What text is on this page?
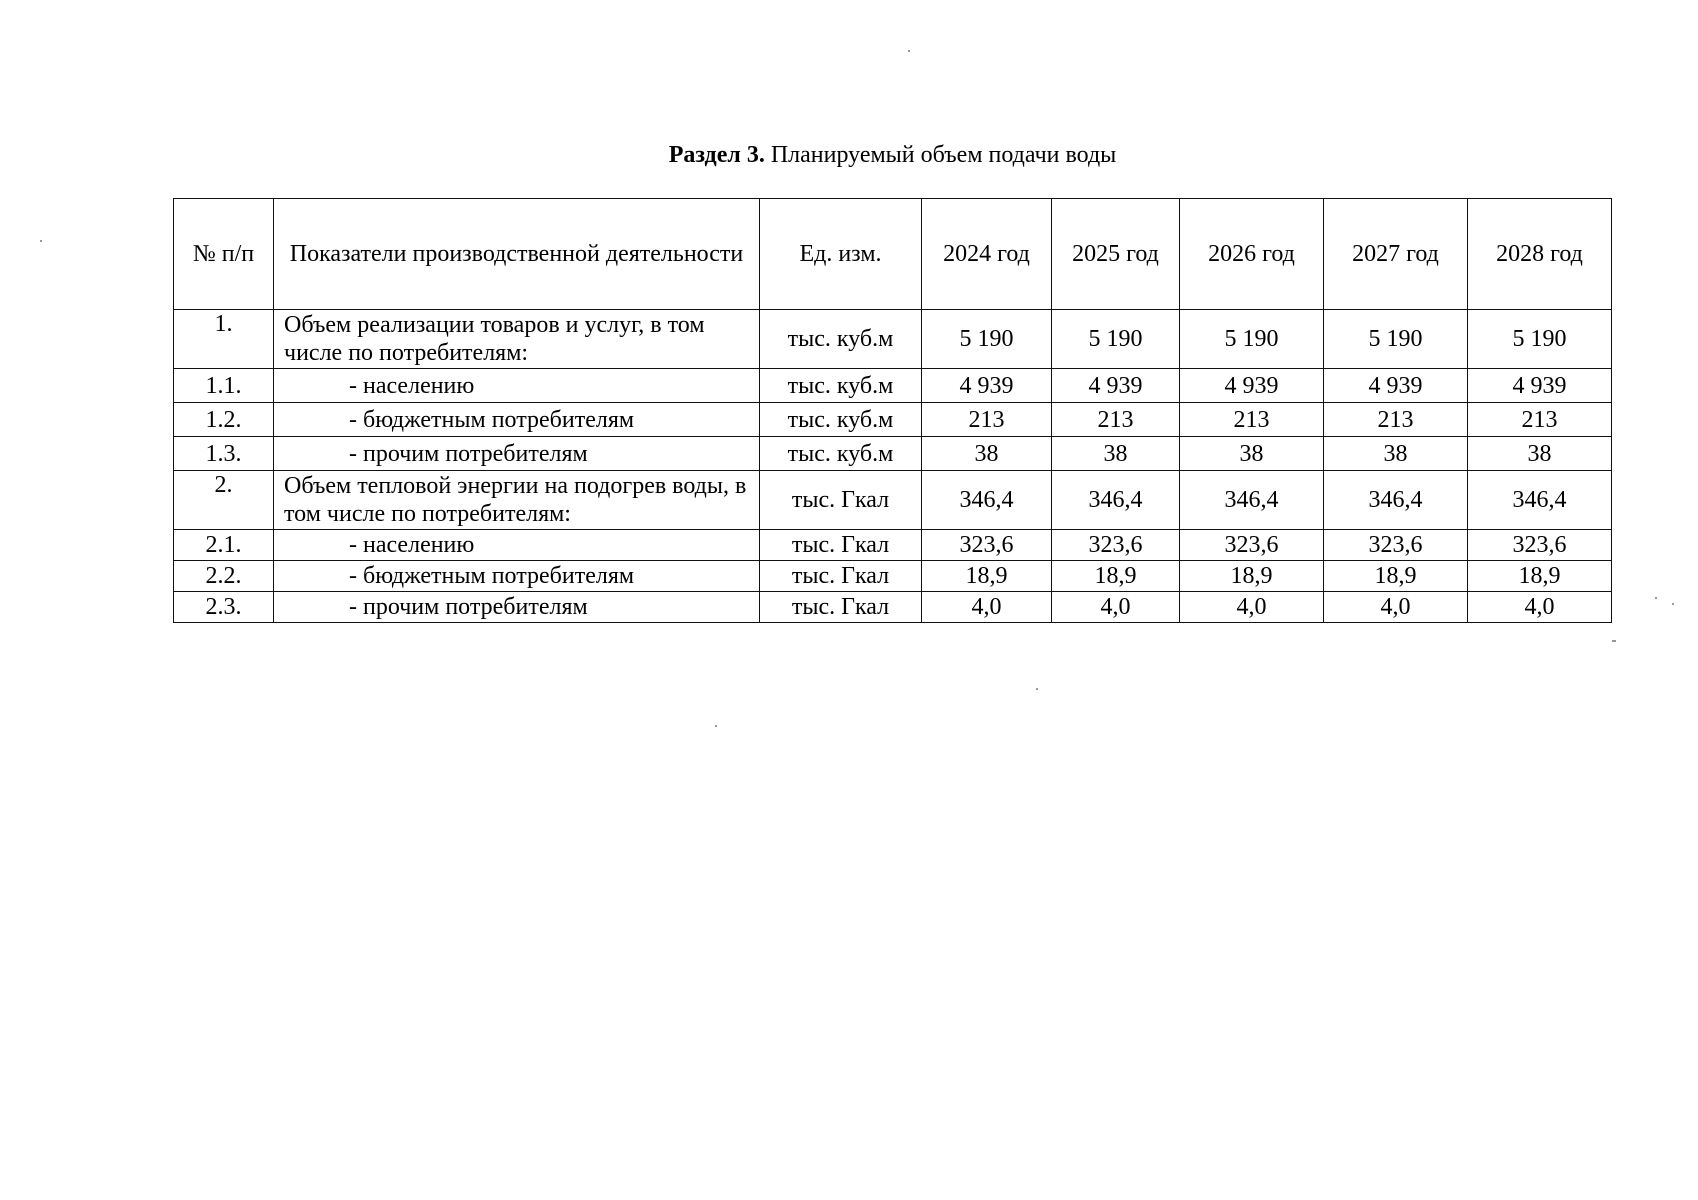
Раздел 3. Планируемый объем подачи воды
№ п/п	Показатели производственной деятельности	Ед. изм.	2024 год	2025 год	2026 год	2027 год	2028 год
1.	Объем реализации товаров и услуг, в том числе по потребителям:	тыс. куб.м	5 190	5 190	5 190	5 190	5 190
1.1.	- населению	тыс. куб.м	4 939	4 939	4 939	4 939	4 939
1.2.	- бюджетным потребителям	тыс. куб.м	213	213	213	213	213
1.3.	- прочим потребителям	тыс. куб.м	38	38	38	38	38
2.	Объем тепловой энергии на подогрев воды, в том числе по потребителям:	тыс. Гкал	346,4	346,4	346,4	346,4	346,4
2.1.	- населению	тыс. Гкал	323,6	323,6	323,6	323,6	323,6
2.2.	- бюджетным потребителям	тыс. Гкал	18,9	18,9	18,9	18,9	18,9
2.3.	- прочим потребителям	тыс. Гкал	4,0	4,0	4,0	4,0	4,0
